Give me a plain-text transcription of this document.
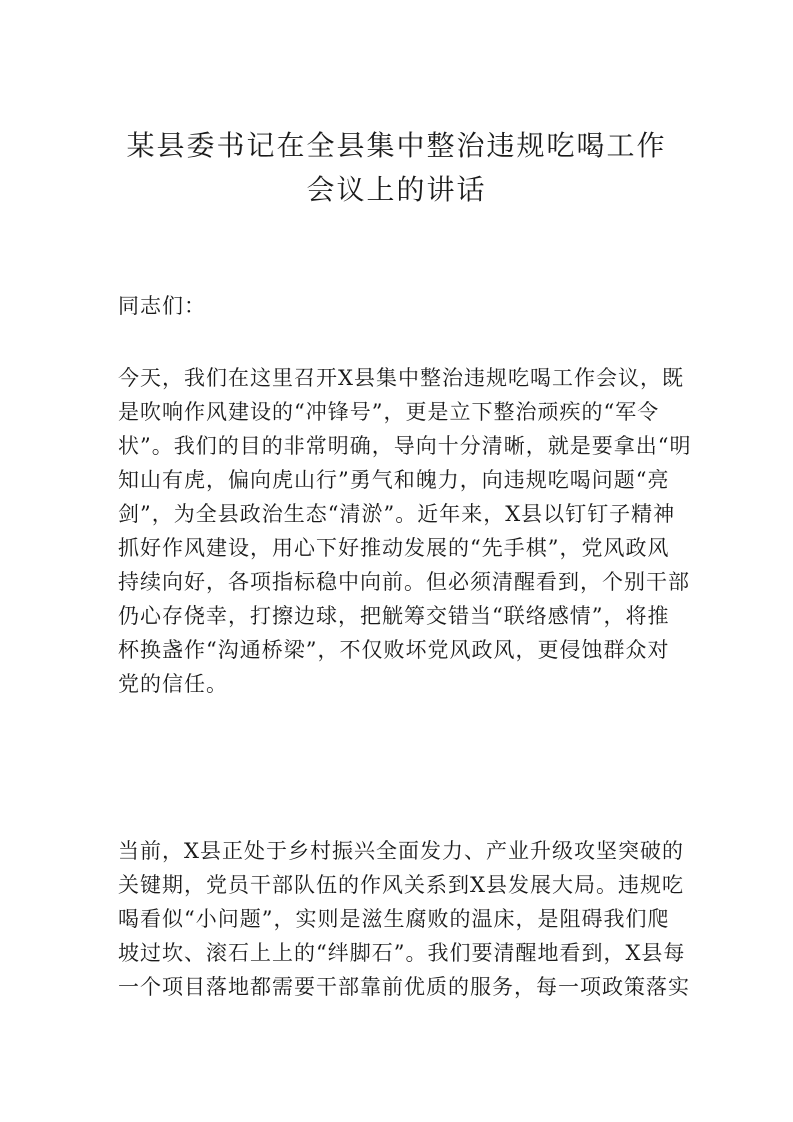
某县委书记在全县集中整治违规吃喝工作
会议上的讲话

同志们：

今天，我们在这里召开X县集中整治违规吃喝工作会议，既
是吹响作风建设的“冲锋号”，更是立下整治顽疾的“军令
状”。我们的目的非常明确，导向十分清晰，就是要拿出“明
知山有虎，偏向虎山行”勇气和魄力，向违规吃喝问题“亮
剑”，为全县政治生态“清淤”。近年来，X县以钉钉子精神
抓好作风建设，用心下好推动发展的“先手棋”，党风政风
持续向好，各项指标稳中向前。但必须清醒看到，个别干部
仍心存侥幸，打擦边球，把觥筹交错当“联络感情”，将推
杯换盏作“沟通桥梁”，不仅败坏党风政风，更侵蚀群众对
党的信任。
当前，X县正处于乡村振兴全面发力、产业升级攻坚突破的
关键期，党员干部队伍的作风关系到X县发展大局。违规吃
喝看似“小问题”，实则是滋生腐败的温床，是阻碍我们爬
坡过坎、滚石上上的“绊脚石”。我们要清醒地看到，X县每
一个项目落地都需要干部靠前优质的服务，每一项政策落实
